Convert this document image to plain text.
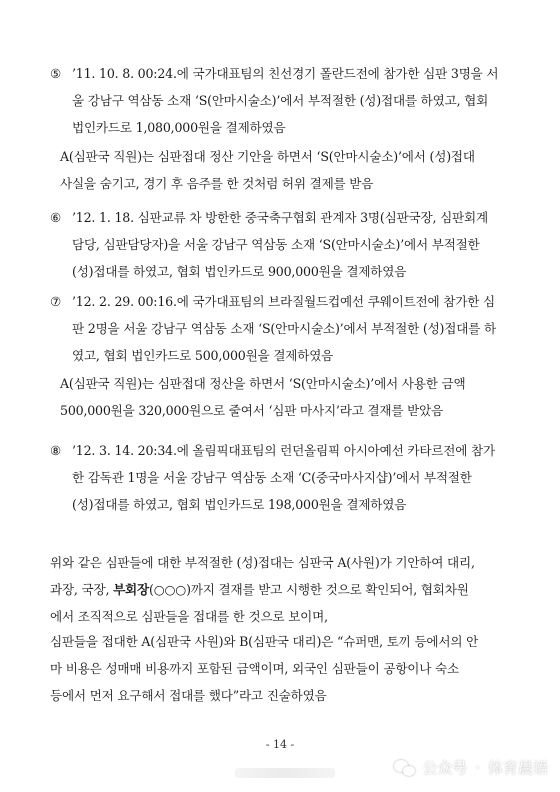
⑤ ’11. 10. 8. 00:24.에 국가대표팀의 친선경기 폴란드전에 참가한 심판 3명을 서
울 강남구 역삼동 소재 ‘S(안마시술소)’에서 부적절한 (성)접대를 하였고, 협회
법인카드로 1,080,000원을 결제하였음
A(심판국 직원)는 심판접대 정산 기안을 하면서 ‘S(안마시술소)’에서 (성)접대
사실을 숨기고, 경기 후 음주를 한 것처럼 허위 결제를 받음
⑥ ’12. 1. 18. 심판교류 차 방한한 중국축구협회 관계자 3명(심판국장, 심판회계
담당, 심판담당자)을 서울 강남구 역삼동 소재 ‘S(안마시술소)’에서 부적절한
(성)접대를 하였고, 협회 법인카드로 900,000원을 결제하였음
⑦ ’12. 2. 29. 00:16.에 국가대표팀의 브라질월드컵예선 쿠웨이트전에 참가한 심
판 2명을 서울 강남구 역삼동 소재 ‘S(안마시술소)’에서 부적절한 (성)접대를 하
였고, 협회 법인카드로 500,000원을 결제하였음
A(심판국 직원)는 심판접대 정산을 하면서 ‘S(안마시술소)’에서 사용한 금액
500,000원을 320,000원으로 줄여서 ‘심판 마사지’라고 결재를 받았음
⑧ ’12. 3. 14. 20:34.에 올림픽대표팀의 런던올림픽 아시아예선 카타르전에 참가
한 감독관 1명을 서울 강남구 역삼동 소재 ‘C(중국마사지샵)’에서 부적절한
(성)접대를 하였고, 협회 법인카드로 198,000원을 결제하였음
위와 같은 심판들에 대한 부적절한 (성)접대는 심판국 A(사원)가 기안하여 대리,
과장, 국장, 부회장(○○○)까지 결재를 받고 시행한 것으로 확인되어, 협회차원
에서 조직적으로 심판들을 접대를 한 것으로 보이며,
심판들을 접대한 A(심판국 사원)와 B(심판국 대리)은 “슈퍼맨, 토끼 등에서의 안
마 비용은 성매매 비용까지 포함된 금액이며, 외국인 심판들이 공항이나 숙소
등에서 먼저 요구해서 접대를 했다”라고 진술하였음
- 14 -
公众号 · 体育晨语
